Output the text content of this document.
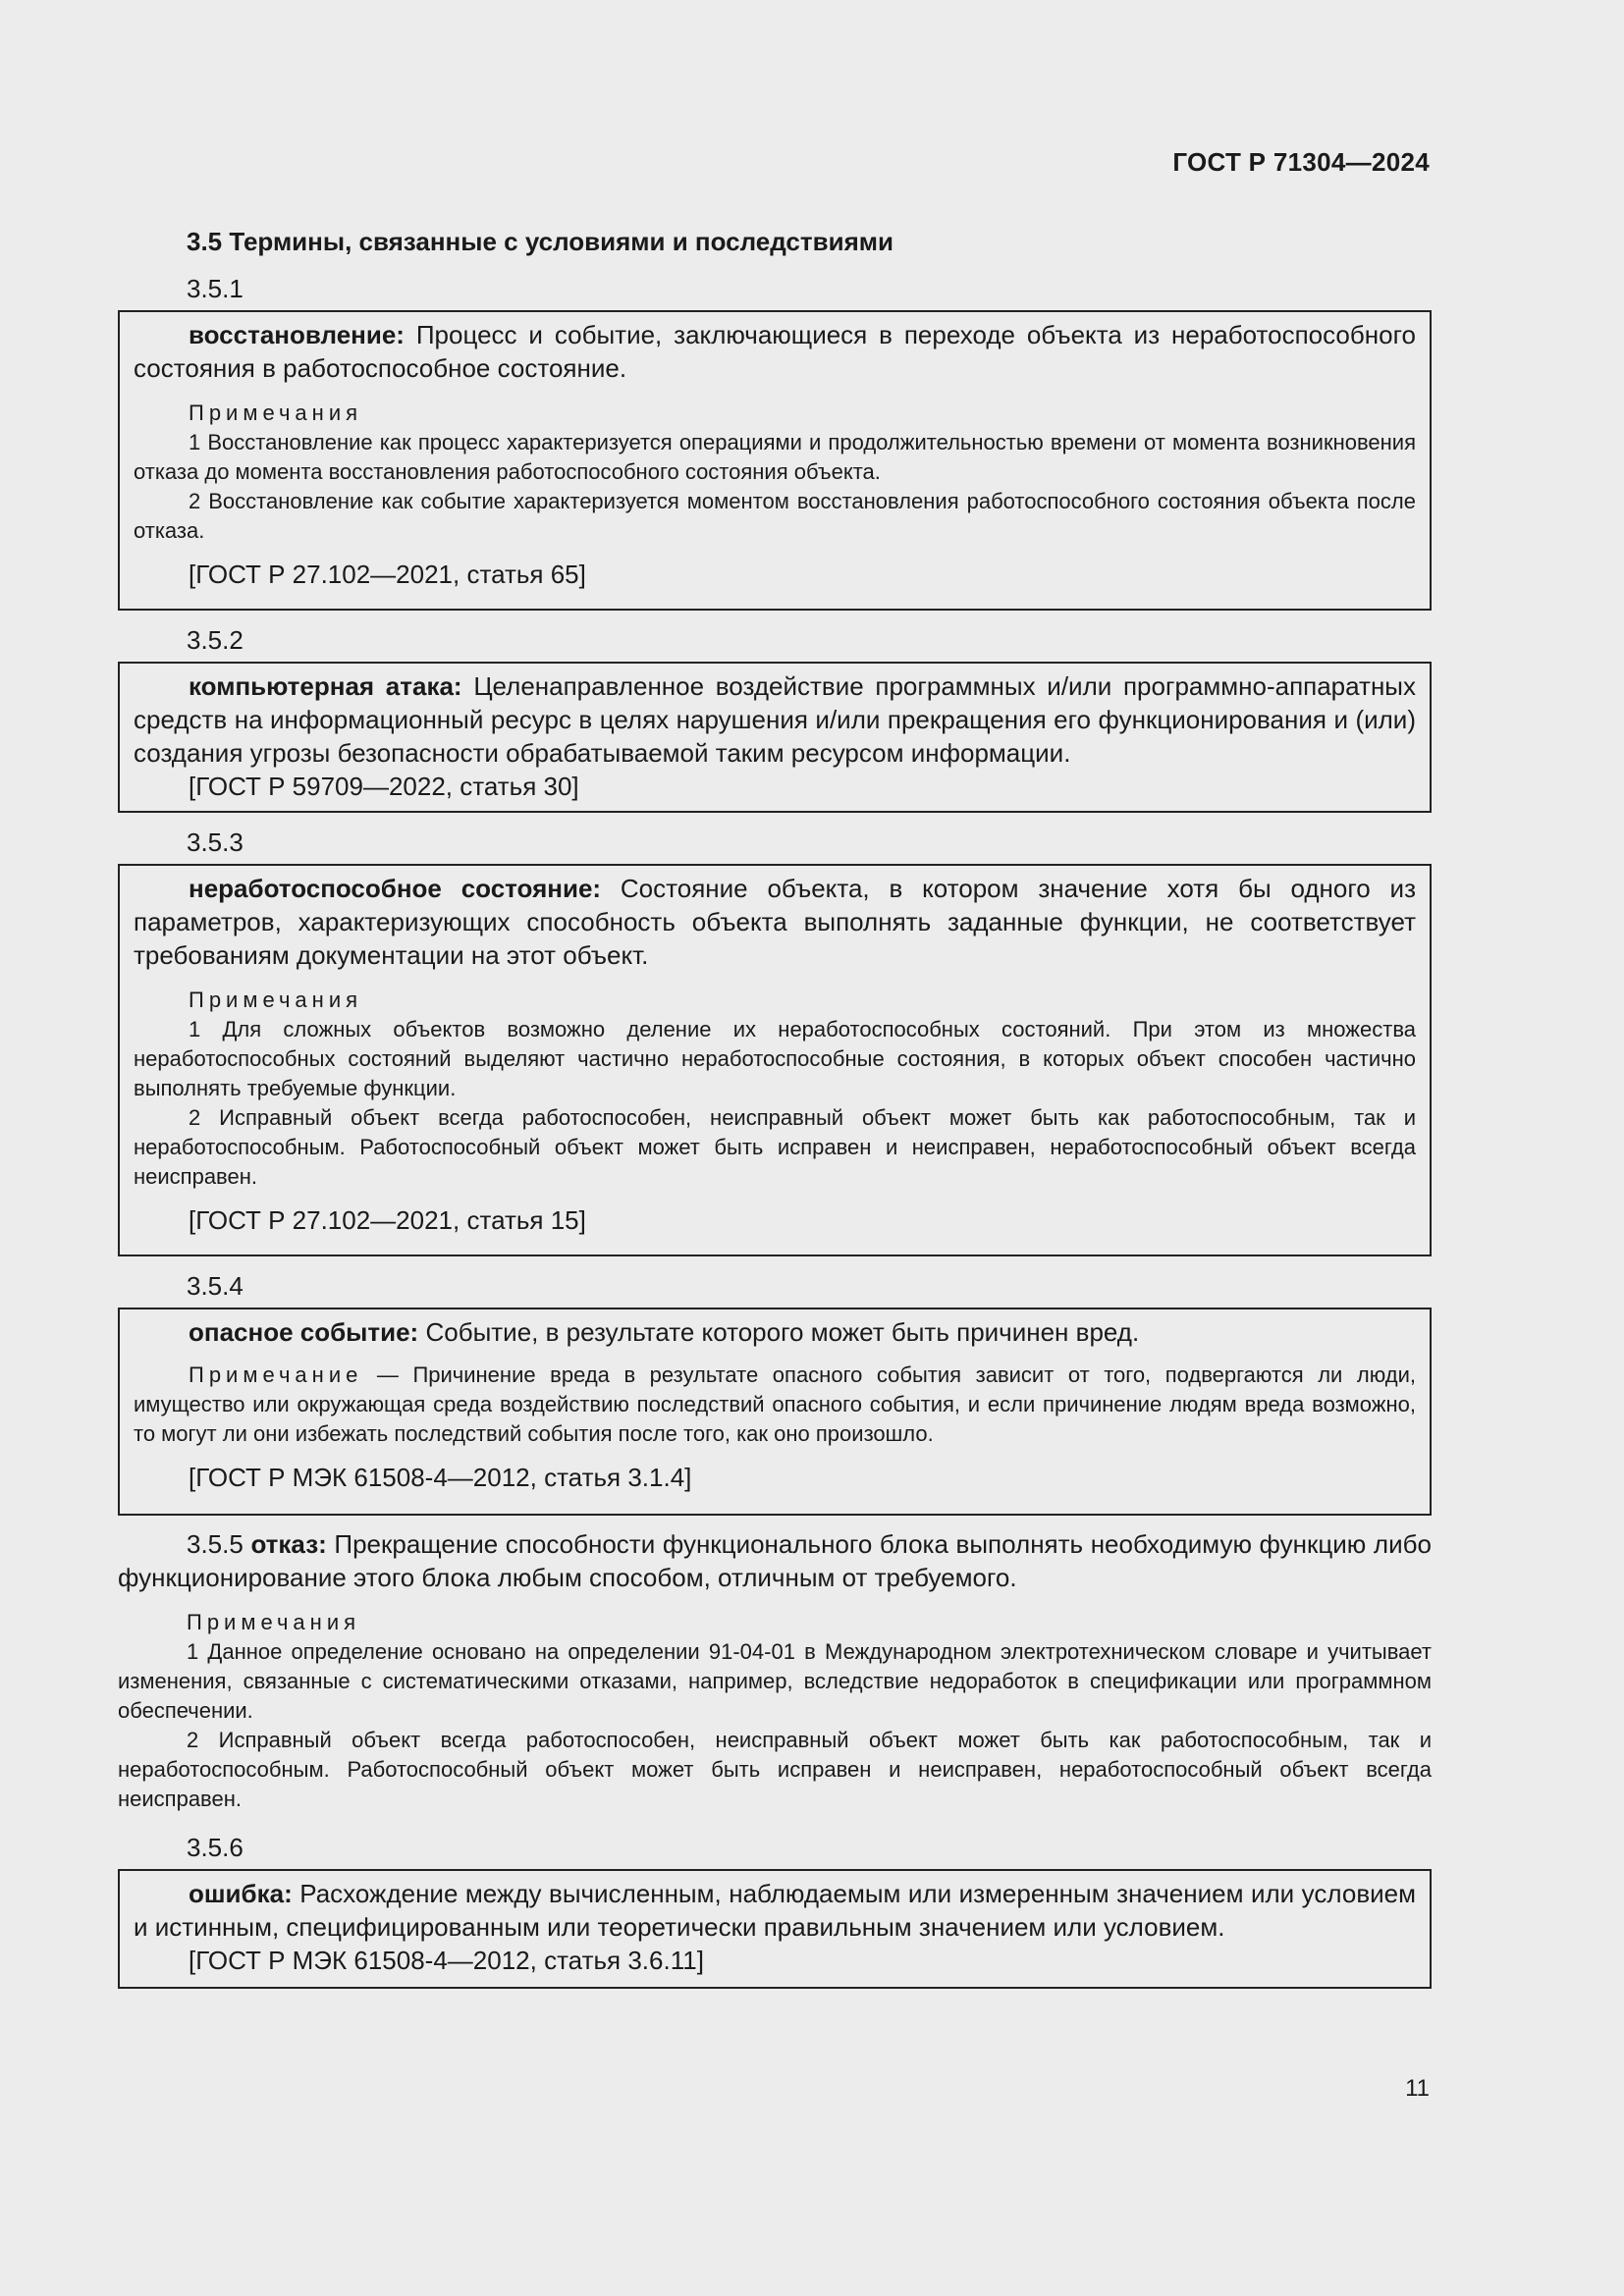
ГОСТ Р 71304—2024

3.5 Термины, связанные с условиями и последствиями

3.5.1

восстановление: Процесс и событие, заключающиеся в переходе объекта из неработоспособного состояния в работоспособное состояние.

Примечания

1 Восстановление как процесс характеризуется операциями и продолжительностью времени от момента возникновения отказа до момента восстановления работоспособного состояния объекта.

2 Восстановление как событие характеризуется моментом восстановления работоспособного состояния объекта после отказа.

[ГОСТ Р 27.102—2021, статья 65]

3.5.2

компьютерная атака: Целенаправленное воздействие программных и/или программно-аппаратных средств на информационный ресурс в целях нарушения и/или прекращения его функционирования и (или) создания угрозы безопасности обрабатываемой таким ресурсом информации.

[ГОСТ Р 59709—2022, статья 30]

3.5.3

неработоспособное состояние: Состояние объекта, в котором значение хотя бы одного из параметров, характеризующих способность объекта выполнять заданные функции, не соответствует требованиям документации на этот объект.

Примечания

1 Для сложных объектов возможно деление их неработоспособных состояний. При этом из множества неработоспособных состояний выделяют частично неработоспособные состояния, в которых объект способен частично выполнять требуемые функции.

2 Исправный объект всегда работоспособен, неисправный объект может быть как работоспособным, так и неработоспособным. Работоспособный объект может быть исправен и неисправен, неработоспособный объект всегда неисправен.

[ГОСТ Р 27.102—2021, статья 15]

3.5.4

опасное событие: Событие, в результате которого может быть причинен вред.

Примечание — Причинение вреда в результате опасного события зависит от того, подвергаются ли люди, имущество или окружающая среда воздействию последствий опасного события, и если причинение людям вреда возможно, то могут ли они избежать последствий события после того, как оно произошло.

[ГОСТ Р МЭК 61508-4—2012, статья 3.1.4]

3.5.5 отказ: Прекращение способности функционального блока выполнять необходимую функцию либо функционирование этого блока любым способом, отличным от требуемого.

Примечания

1 Данное определение основано на определении 91-04-01 в Международном электротехническом словаре и учитывает изменения, связанные с систематическими отказами, например, вследствие недоработок в спецификации или программном обеспечении.

2 Исправный объект всегда работоспособен, неисправный объект может быть как работоспособным, так и неработоспособным. Работоспособный объект может быть исправен и неисправен, неработоспособный объект всегда неисправен.

3.5.6

ошибка: Расхождение между вычисленным, наблюдаемым или измеренным значением или условием и истинным, специфицированным или теоретически правильным значением или условием.

[ГОСТ Р МЭК 61508-4—2012, статья 3.6.11]

11
